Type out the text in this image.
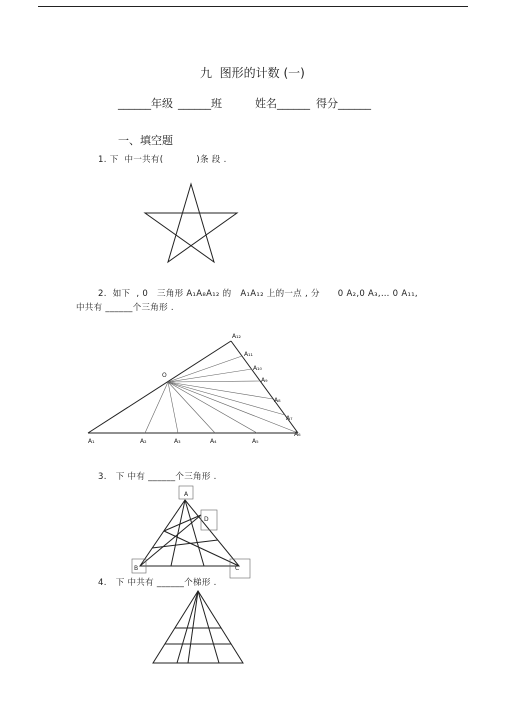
九  图形的计数 (一)
______年级 ______班	姓名______ 得分______
一、填空题
1. 下  中一共有(           )条 段 .
2.  如下  , 0   三角形 A₁A₈A₁₂ 的   A₁A₁₂ 上的一点 , 分      0 A₂,0 A₃,… 0 A₁₁,
中共有 ______个三角形 .
3.   下 中有 ______个三角形 .
4.   下 中共有 ______个梯形 .
O
A₁₂
A₁₁
A₁₀
A₉
A₈
A₇
A₆
A₁	A₂	A₃	A₄	A₅
A
D
B	C
